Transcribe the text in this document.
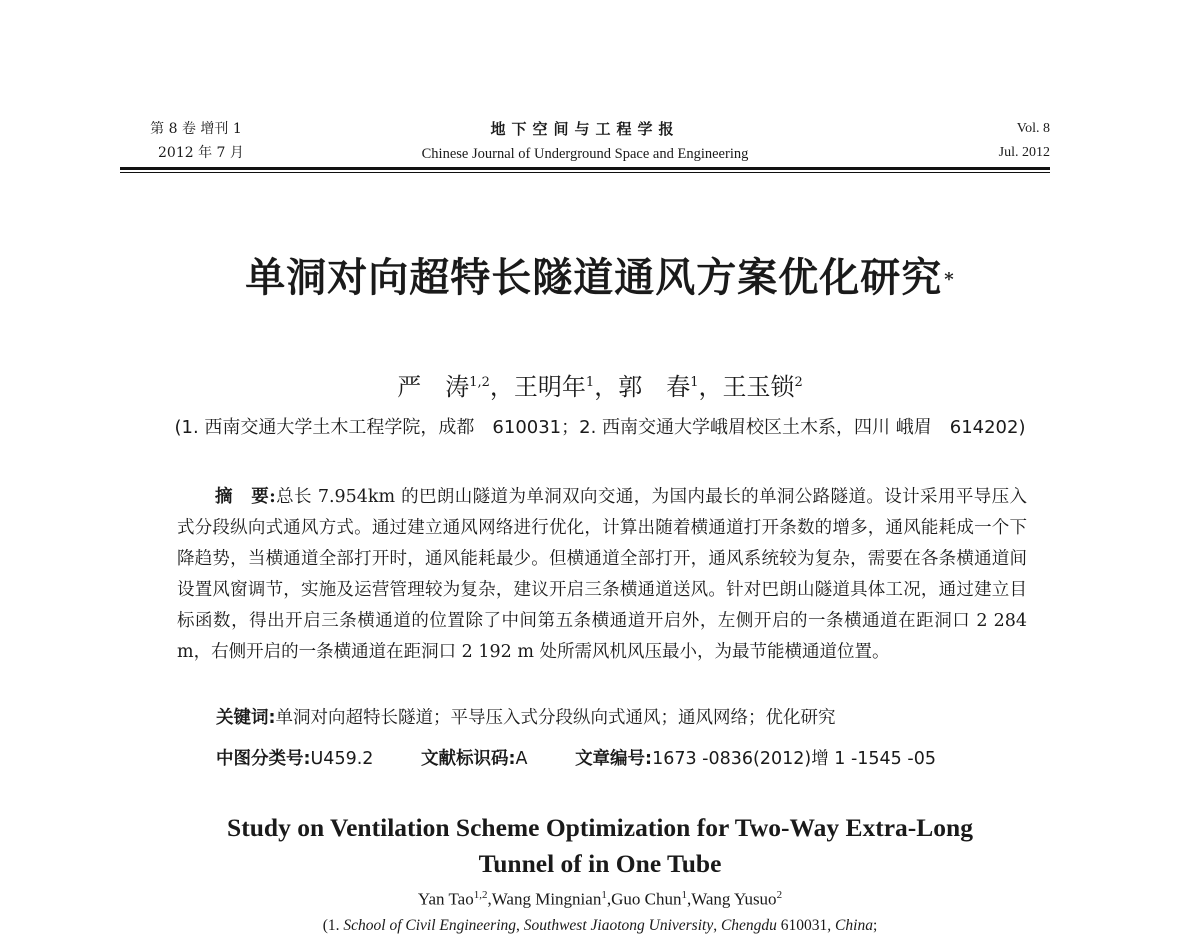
第 8 卷 增刊 1

2012 年 7 月
地下空间与工程学报
Chinese Journal of Underground Space and Engineering
Vol. 8
Jul. 2012
单洞对向超特长隧道通风方案优化研究 *
严　涛$^{1,2}$，王明年$^1$，郭　春$^1$，王玉锁$^2$
(1. 西南交通大学土木工程学院，成都　610031；2. 西南交通大学峨眉校区土木系，四川 峨眉　614202)
摘 要:总长 7.954km 的巴朗山隧道为单洞双向交通，为国内最长的单洞公路隧道。设计采用平导压入式分段纵向式通风方式。通过建立通风网络进行优化，计算出随着横通道打开条数的增多，通风能耗成一个下降趋势，当横通道全部打开时，通风能耗最少。但横通道全部打开，通风系统较为复杂，需要在各条横通道间设置风窗调节，实施及运营管理较为复杂，建议开启三条横通道送风。针对巴朗山隧道具体工况，通过建立目标函数，得出开启三条横通道的位置除了中间第五条横通道开启外，左侧开启的一条横通道在距洞口 2 284 m，右侧开启的一条横通道在距洞口 2 192 m 处所需风机风压最小，为最节能横通道位置。
关键词:单洞对向超特长隧道；平导压入式分段纵向式通风；通风网络；优化研究
中图分类号:U459.2	文献标识码:A	文章编号:1673 -0836(2012)增 1 -1545 -05
Study on Ventilation Scheme Optimization for Two-Way Extra-Long
Tunnel of in One Tube
Yan Tao$^{1,2}$,Wang Mingnian$^1$,Guo Chun$^1$,Wang Yusuo$^2$
(1. School of Civil Engineering, Southwest Jiaotong University, Chengdu 610031, China;
